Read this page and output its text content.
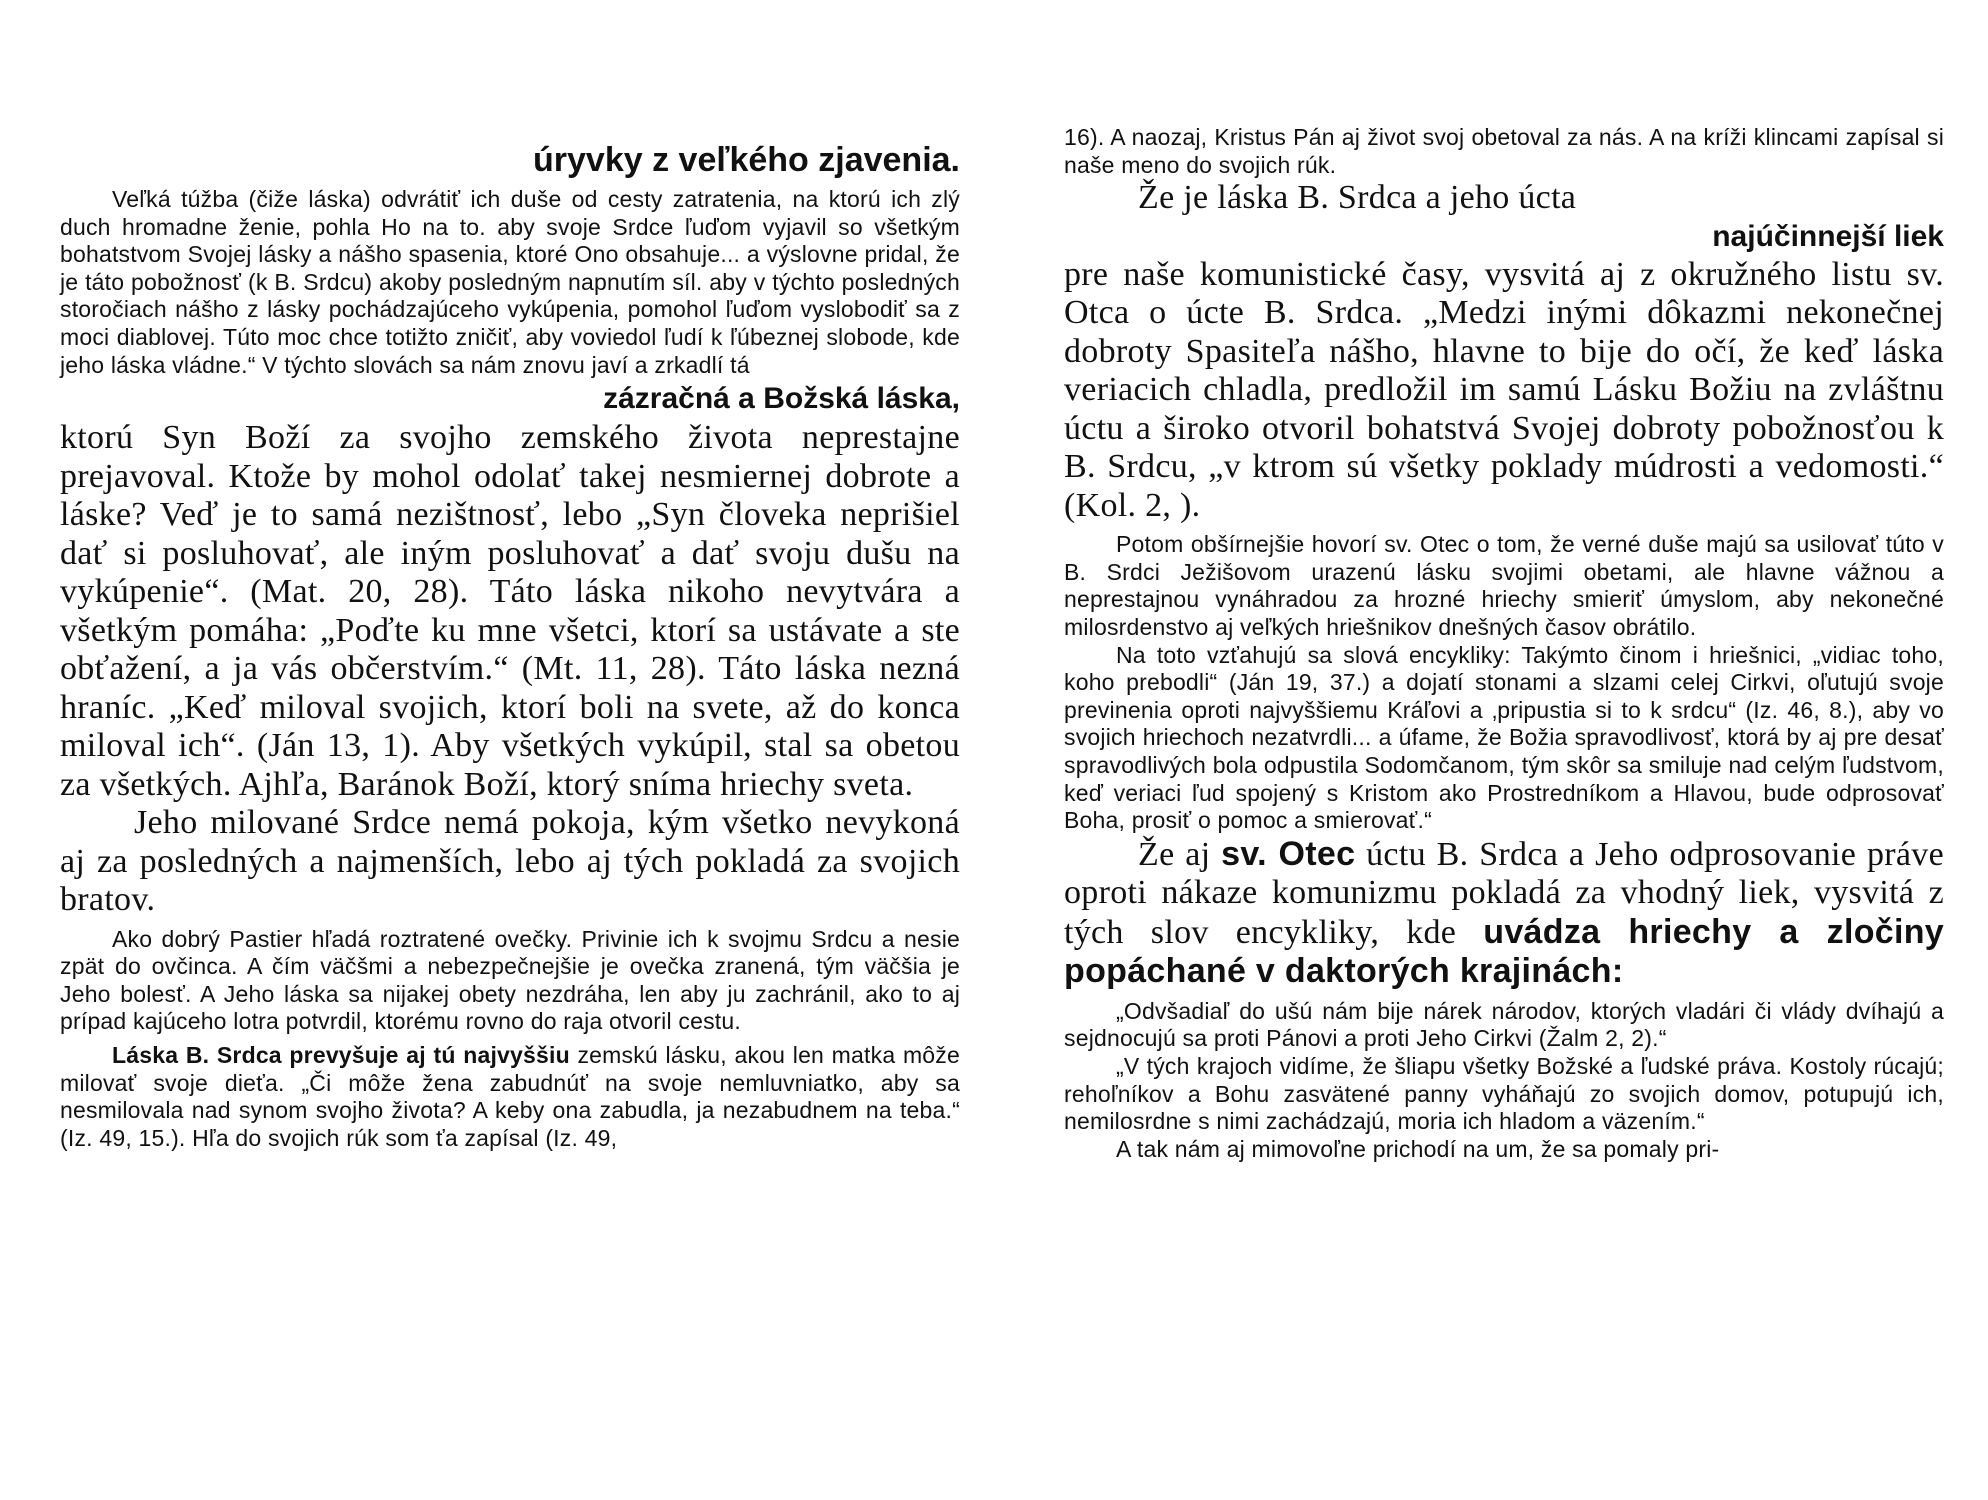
úryvky z veľkého zjavenia.

Veľká túžba (čiže láska) odvrátiť ich duše od cesty zatratenia, na ktorú ich zlý duch hromadne ženie, pohla Ho na to. aby svoje Srdce ľuďom vyjavil so všetkým bohatstvom Svojej lásky a nášho spasenia, ktoré Ono obsahuje... a výslovne pridal, že je táto pobožnosť (k B. Srdcu) akoby posledným napnutím síl. aby v týchto posledných storočiach nášho z lásky pochádzajúceho vykúpenia, pomohol ľuďom vyslobodiť sa z moci diablovej. Túto moc chce totižto zničiť, aby voviedol ľudí k ľúbeznej slobode, kde jeho láska vládne.“ V týchto slovách sa nám znovu javí a zrkadlí tá

zázračná a Božská láska,

ktorú Syn Boží za svojho zemského života neprestajne prejavoval. Ktože by mohol odolať takej nesmiernej dobrote a láske? Veď je to samá nezištnosť, lebo „Syn človeka neprišiel dať si posluhovať, ale iným posluhovať a dať svoju dušu na vykúpenie“. (Mat. 20, 28). Táto láska nikoho nevytvára a všetkým pomáha: „Poďte ku mne všetci, ktorí sa ustávate a ste obťažení, a ja vás občerstvím.“ (Mt. 11, 28). Táto láska nezná hraníc. „Keď miloval svojich, ktorí boli na svete, až do konca miloval ich“. (Ján 13, 1). Aby všetkých vykúpil, stal sa obetou za všetkých. Ajhľa, Baránok Boží, ktorý sníma hriechy sveta.

Jeho milované Srdce nemá pokoja, kým všetko nevykoná aj za posledných a najmenších, lebo aj tých pokladá za svojich bratov.

Ako dobrý Pastier hľadá roztratené ovečky. Privinie ich k svojmu Srdcu a nesie zpät do ovčinca. A čím väčšmi a nebezpečnejšie je ovečka zranená, tým väčšia je Jeho bolesť. A Jeho láska sa nijakej obety nezdráha, len aby ju zachránil, ako to aj prípad kajúceho lotra potvrdil, ktorému rovno do raja otvoril cestu.

Láska B. Srdca prevyšuje aj tú najvyššiu zemskú lásku, akou len matka môže milovať svoje dieťa. „Či môže žena zabudnúť na svoje nemluvniatko, aby sa nesmilovala nad synom svojho života? A keby ona zabudla, ja nezabudnem na teba.“ (Iz. 49, 15.). Hľa do svojich rúk som ťa zapísal (Iz. 49,

16). A naozaj, Kristus Pán aj život svoj obetoval za nás. A na kríži klincami zapísal si naše meno do svojich rúk.

Že je láska B. Srdca a jeho úcta

najúčinnejší liek

pre naše komunistické časy, vysvitá aj z okružného listu sv. Otca o úcte B. Srdca. „Medzi inými dôkazmi nekonečnej dobroty Spasiteľa nášho, hlavne to bije do očí, že keď láska veriacich chladla, predložil im samú Lásku Božiu na zvláštnu úctu a široko otvoril bohatstvá Svojej dobroty pobožnosťou k B. Srdcu, „v ktrom sú všetky poklady múdrosti a vedomosti.“ (Kol. 2, ).

Potom obšírnejšie hovorí sv. Otec o tom, že verné duše majú sa usilovať túto v B. Srdci Ježišovom urazenú lásku svojimi obetami, ale hlavne vážnou a neprestajnou vynáhradou za hrozné hriechy smieriť úmyslom, aby nekonečné milosrdenstvo aj veľkých hriešnikov dnešných časov obrátilo.

Na toto vzťahujú sa slová encykliky: Takýmto činom i hriešnici, „vidiac toho, koho prebodli“ (Ján 19, 37.) a dojatí stonami a slzami celej Cirkvi, oľutujú svoje previnenia oproti najvyššiemu Kráľovi a ‚pripustia si to k srdcu“ (Iz. 46, 8.), aby vo svojich hriechoch nezatvrdli... a úfame, že Božia spravodlivosť, ktorá by aj pre desať spravodlivých bola odpustila Sodomčanom, tým skôr sa smiluje nad celým ľudstvom, keď veriaci ľud spojený s Kristom ako Prostredníkom a Hlavou, bude odprosovať Boha, prosiť o pomoc a smierovať.“

Že aj sv. Otec úctu B. Srdca a Jeho odprosovanie práve oproti nákaze komunizmu pokladá za vhodný liek, vysvitá z tých slov encykliky, kde uvádza hriechy a zločiny popáchané v daktorých krajinách:

„Odvšadiaľ do ušú nám bije nárek národov, ktorých vladári či vlády dvíhajú a sejdnocujú sa proti Pánovi a proti Jeho Cirkvi (Žalm 2, 2).“

„V tých krajoch vidíme, že šliapu všetky Božské a ľudské práva. Kostoly rúcajú; rehoľníkov a Bohu zasvätené panny vyháňajú zo svojich domov, potupujú ich, nemilosrdne s nimi zachádzajú, moria ich hladom a väzením.“

A tak nám aj mimovoľne prichodí na um, že sa pomaly pri-
